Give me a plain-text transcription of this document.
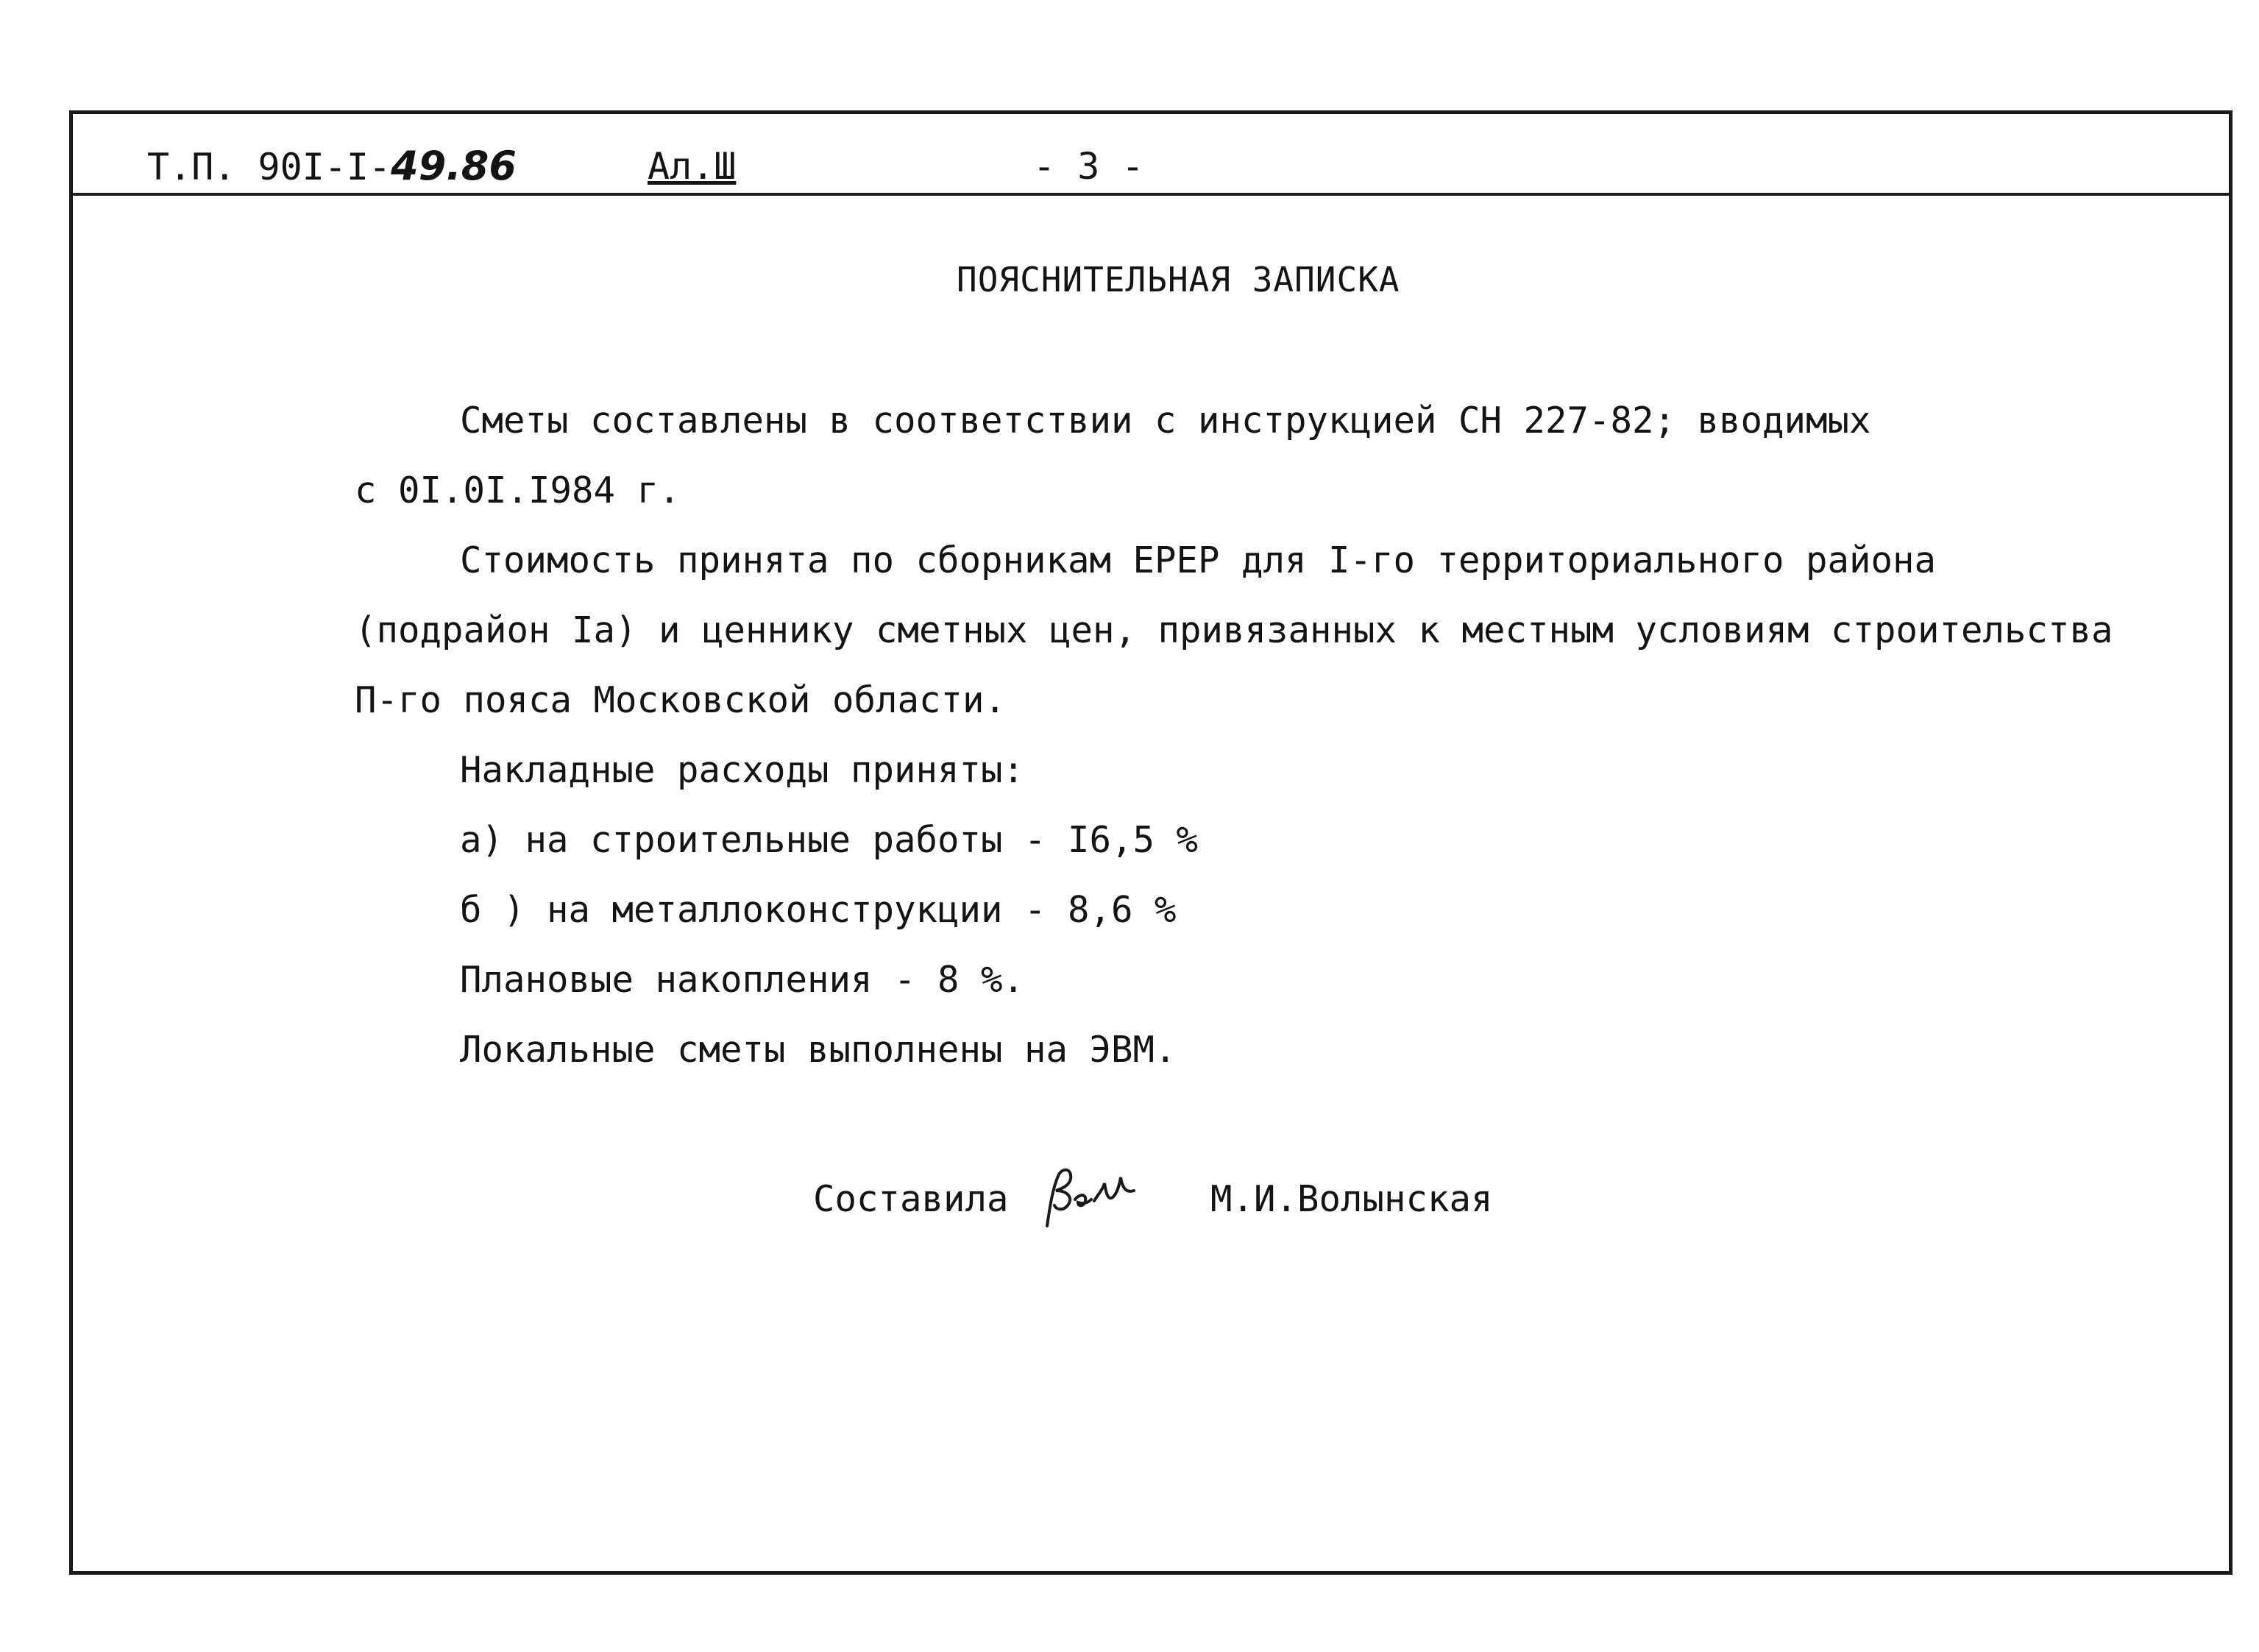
Т.П. 90I-I-49.86	Ал.Ш	- 3 -
ПОЯСНИТЕЛЬНАЯ ЗАПИСКА
Сметы составлены в соответствии с инструкцией СН 227-82; вводимых
с 0I.0I.I984 г.
Стоимость принята по сборникам ЕРЕР для I-го территориального района
(подрайон Iа) и ценнику сметных цен, привязанных к местным условиям строительства
П-го пояса Московской области.
Накладные расходы приняты:
а) на строительные работы - I6,5 %
б ) на металлоконструкции - 8,6 %
Плановые накопления - 8 %.
Локальные сметы выполнены на ЭВМ.
Составила	М.И.Волынская
